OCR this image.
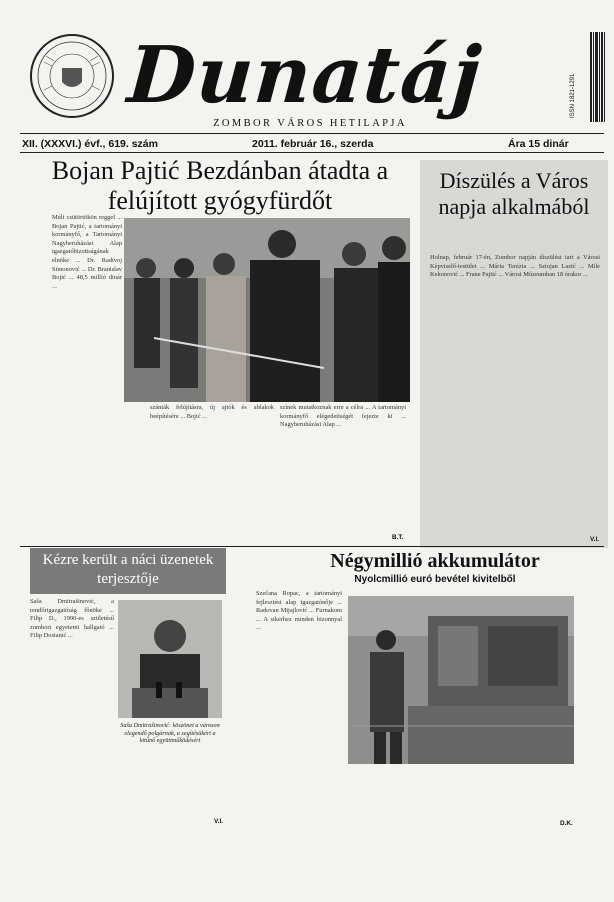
Dunatáj
ZOMBOR VÁROS HETILAPJA
ISSN 1821-1291
XII. (XXXVI.) évf., 619. szám	2011. február 16., szerda	Ára 15 dinár
Bojan Pajtić Bezdánban átadta a felújított gyógyfürdőt
Múlt csütörtökön reggel ... Bojan Pajtić, a tartományi kormányfő, a Tartományi Nagyberuházási Alap igazgatóbizottságának elnöke ... Dr. Radivoj Simonović ... Dr. Branislav Bojić ... 48,5 millió dinár ...
szánták felújításra, új ajtók és ablakok beépítésére ... Bojić ...
színek mutatkoznak erre a célra ... A tartományi kormányfő elégedettségét fejezte ki ... Nagyberuházási Alap ...
B.T.
Díszülés a Város napja alkalmából
Holnap, február 17-én, Zombor napján díszülést tart a Városi Képviselő-testület ... Mária Terézia ... Sztojan Lazić ... Mile Kekonović ... Frane Pajtić ... Városi Múzeumban 18 órakor ...
V.I.
Kézre került a náci üzenetek terjesztője
Saša Dmitrašinović, a rendőrigazgatóság főnöke ... Filip D., 1990-es születésű zombori egyetemi hallgató ... Filip Dostanić ...
Saša Dmitrašinović: köszönet a városon elegendő polgárnak, a segítésükért a kitűnő együttműködésért
V.I.
Négymillió akkumulátor
Nyolcmillió euró bevétel kivitelből
Szečana Ropac, a tartományi fejlesztési alap igazgatónője ... Radovan Mijajlović ... Furnakom ... A sikerhez minden bizonnyal ...
D.K.
